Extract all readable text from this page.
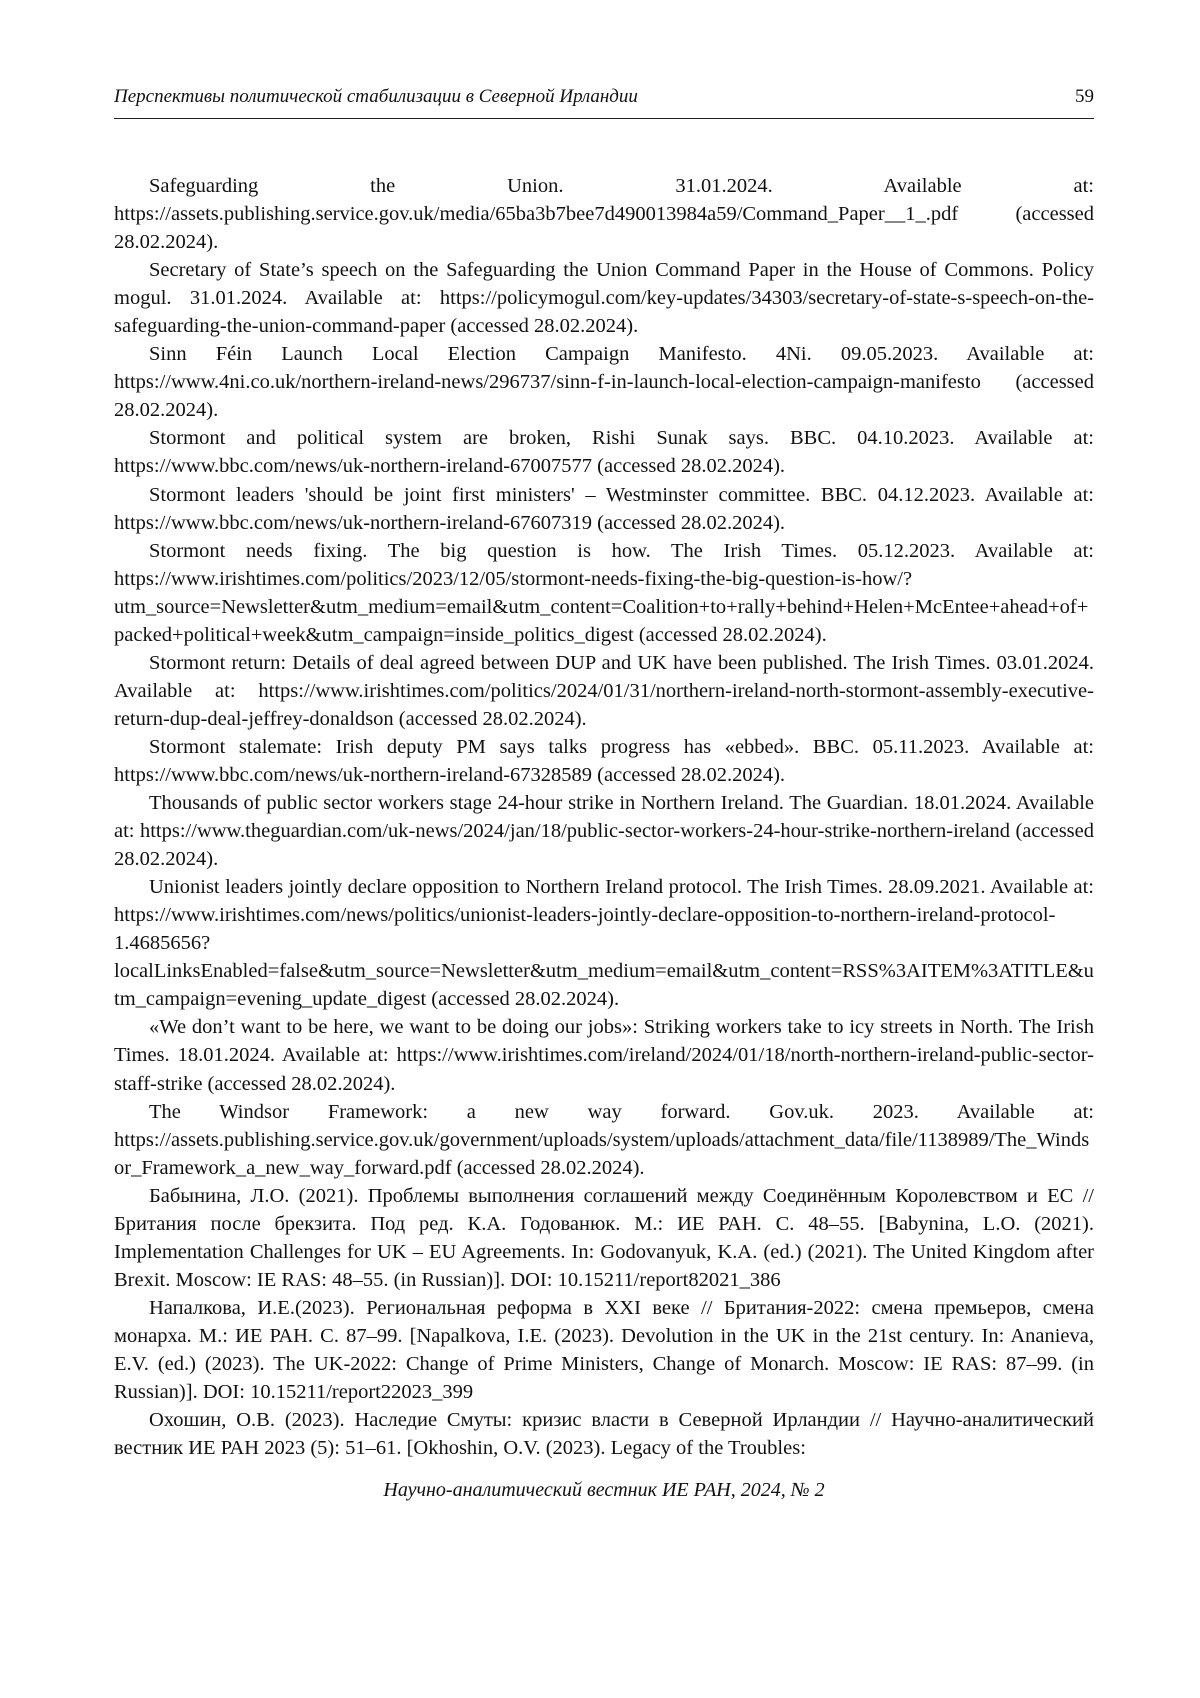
Перспективы политической стабилизации в Северной Ирландии	59

Safeguarding the Union. 31.01.2024. Available at: https://assets.publishing.service.gov.uk/media/65ba3b7bee7d490013984a59/Command_Paper__1_.pdf (accessed 28.02.2024).

Secretary of State’s speech on the Safeguarding the Union Command Paper in the House of Commons. Policy mogul. 31.01.2024. Available at: https://policymogul.com/key-updates/34303/secretary-of-state-s-speech-on-the-safeguarding-the-union-command-paper (accessed 28.02.2024).

Sinn Féin Launch Local Election Campaign Manifesto. 4Ni. 09.05.2023. Available at: https://www.4ni.co.uk/northern-ireland-news/296737/sinn-f-in-launch-local-election-campaign-manifesto (accessed 28.02.2024).

Stormont and political system are broken, Rishi Sunak says. BBC. 04.10.2023. Available at: https://www.bbc.com/news/uk-northern-ireland-67007577 (accessed 28.02.2024).

Stormont leaders 'should be joint first ministers' – Westminster committee. BBC. 04.12.2023. Available at: https://www.bbc.com/news/uk-northern-ireland-67607319 (accessed 28.02.2024).

Stormont needs fixing. The big question is how. The Irish Times. 05.12.2023. Available at: https://www.irishtimes.com/politics/2023/12/05/stormont-needs-fixing-the-big-question-is-how/?utm_source=Newsletter&utm_medium=email&utm_content=Coalition+to+rally+behind+Helen+McEntee+ahead+of+packed+political+week&utm_campaign=inside_politics_digest (accessed 28.02.2024).

Stormont return: Details of deal agreed between DUP and UK have been published. The Irish Times. 03.01.2024. Available at: https://www.irishtimes.com/politics/2024/01/31/northern-ireland-north-stormont-assembly-executive-return-dup-deal-jeffrey-donaldson (accessed 28.02.2024).

Stormont stalemate: Irish deputy PM says talks progress has «ebbed». BBC. 05.11.2023. Available at: https://www.bbc.com/news/uk-northern-ireland-67328589 (accessed 28.02.2024).

Thousands of public sector workers stage 24-hour strike in Northern Ireland. The Guardian. 18.01.2024. Available at: https://www.theguardian.com/uk-news/2024/jan/18/public-sector-workers-24-hour-strike-northern-ireland (accessed 28.02.2024).

Unionist leaders jointly declare opposition to Northern Ireland protocol. The Irish Times. 28.09.2021. Available at: https://www.irishtimes.com/news/politics/unionist-leaders-jointly-declare-opposition-to-northern-ireland-protocol-1.4685656?localLinksEnabled=false&utm_source=Newsletter&utm_medium=email&utm_content=RSS%3AITEM%3ATITLE&utm_campaign=evening_update_digest (accessed 28.02.2024).

«We don’t want to be here, we want to be doing our jobs»: Striking workers take to icy streets in North. The Irish Times. 18.01.2024. Available at: https://www.irishtimes.com/ireland/2024/01/18/north-northern-ireland-public-sector-staff-strike (accessed 28.02.2024).

The Windsor Framework: a new way forward. Gov.uk. 2023. Available at: https://assets.publishing.service.gov.uk/government/uploads/system/uploads/attachment_data/file/1138989/The_Windsor_Framework_a_new_way_forward.pdf (accessed 28.02.2024).

Бабынина, Л.О. (2021). Проблемы выполнения соглашений между Соединённым Королевством и ЕС // Британия после брекзита. Под ред. К.А. Годованюк. М.: ИЕ РАН. С. 48–55. [Babynina, L.O. (2021). Implementation Challenges for UK – EU Agreements. In: Godovanyuk, K.A. (ed.) (2021). The United Kingdom after Brexit. Moscow: IE RAS: 48–55. (in Russian)]. DOI: 10.15211/report82021_386

Напалкова, И.Е.(2023). Региональная реформа в XXI веке // Британия-2022: смена премьеров, смена монарха. М.: ИЕ РАН. С. 87–99. [Napalkova, I.E. (2023). Devolution in the UK in the 21st century. In: Ananieva, E.V. (ed.) (2023). The UK-2022: Change of Prime Ministers, Change of Monarch. Moscow: IE RAS: 87–99. (in Russian)]. DOI: 10.15211/report22023_399

Охошин, О.В. (2023). Наследие Смуты: кризис власти в Северной Ирландии // Научно-аналитический вестник ИЕ РАН 2023 (5): 51–61. [Okhoshin, O.V. (2023). Legacy of the Troubles:

Научно-аналитический вестник ИЕ РАН, 2024, № 2
